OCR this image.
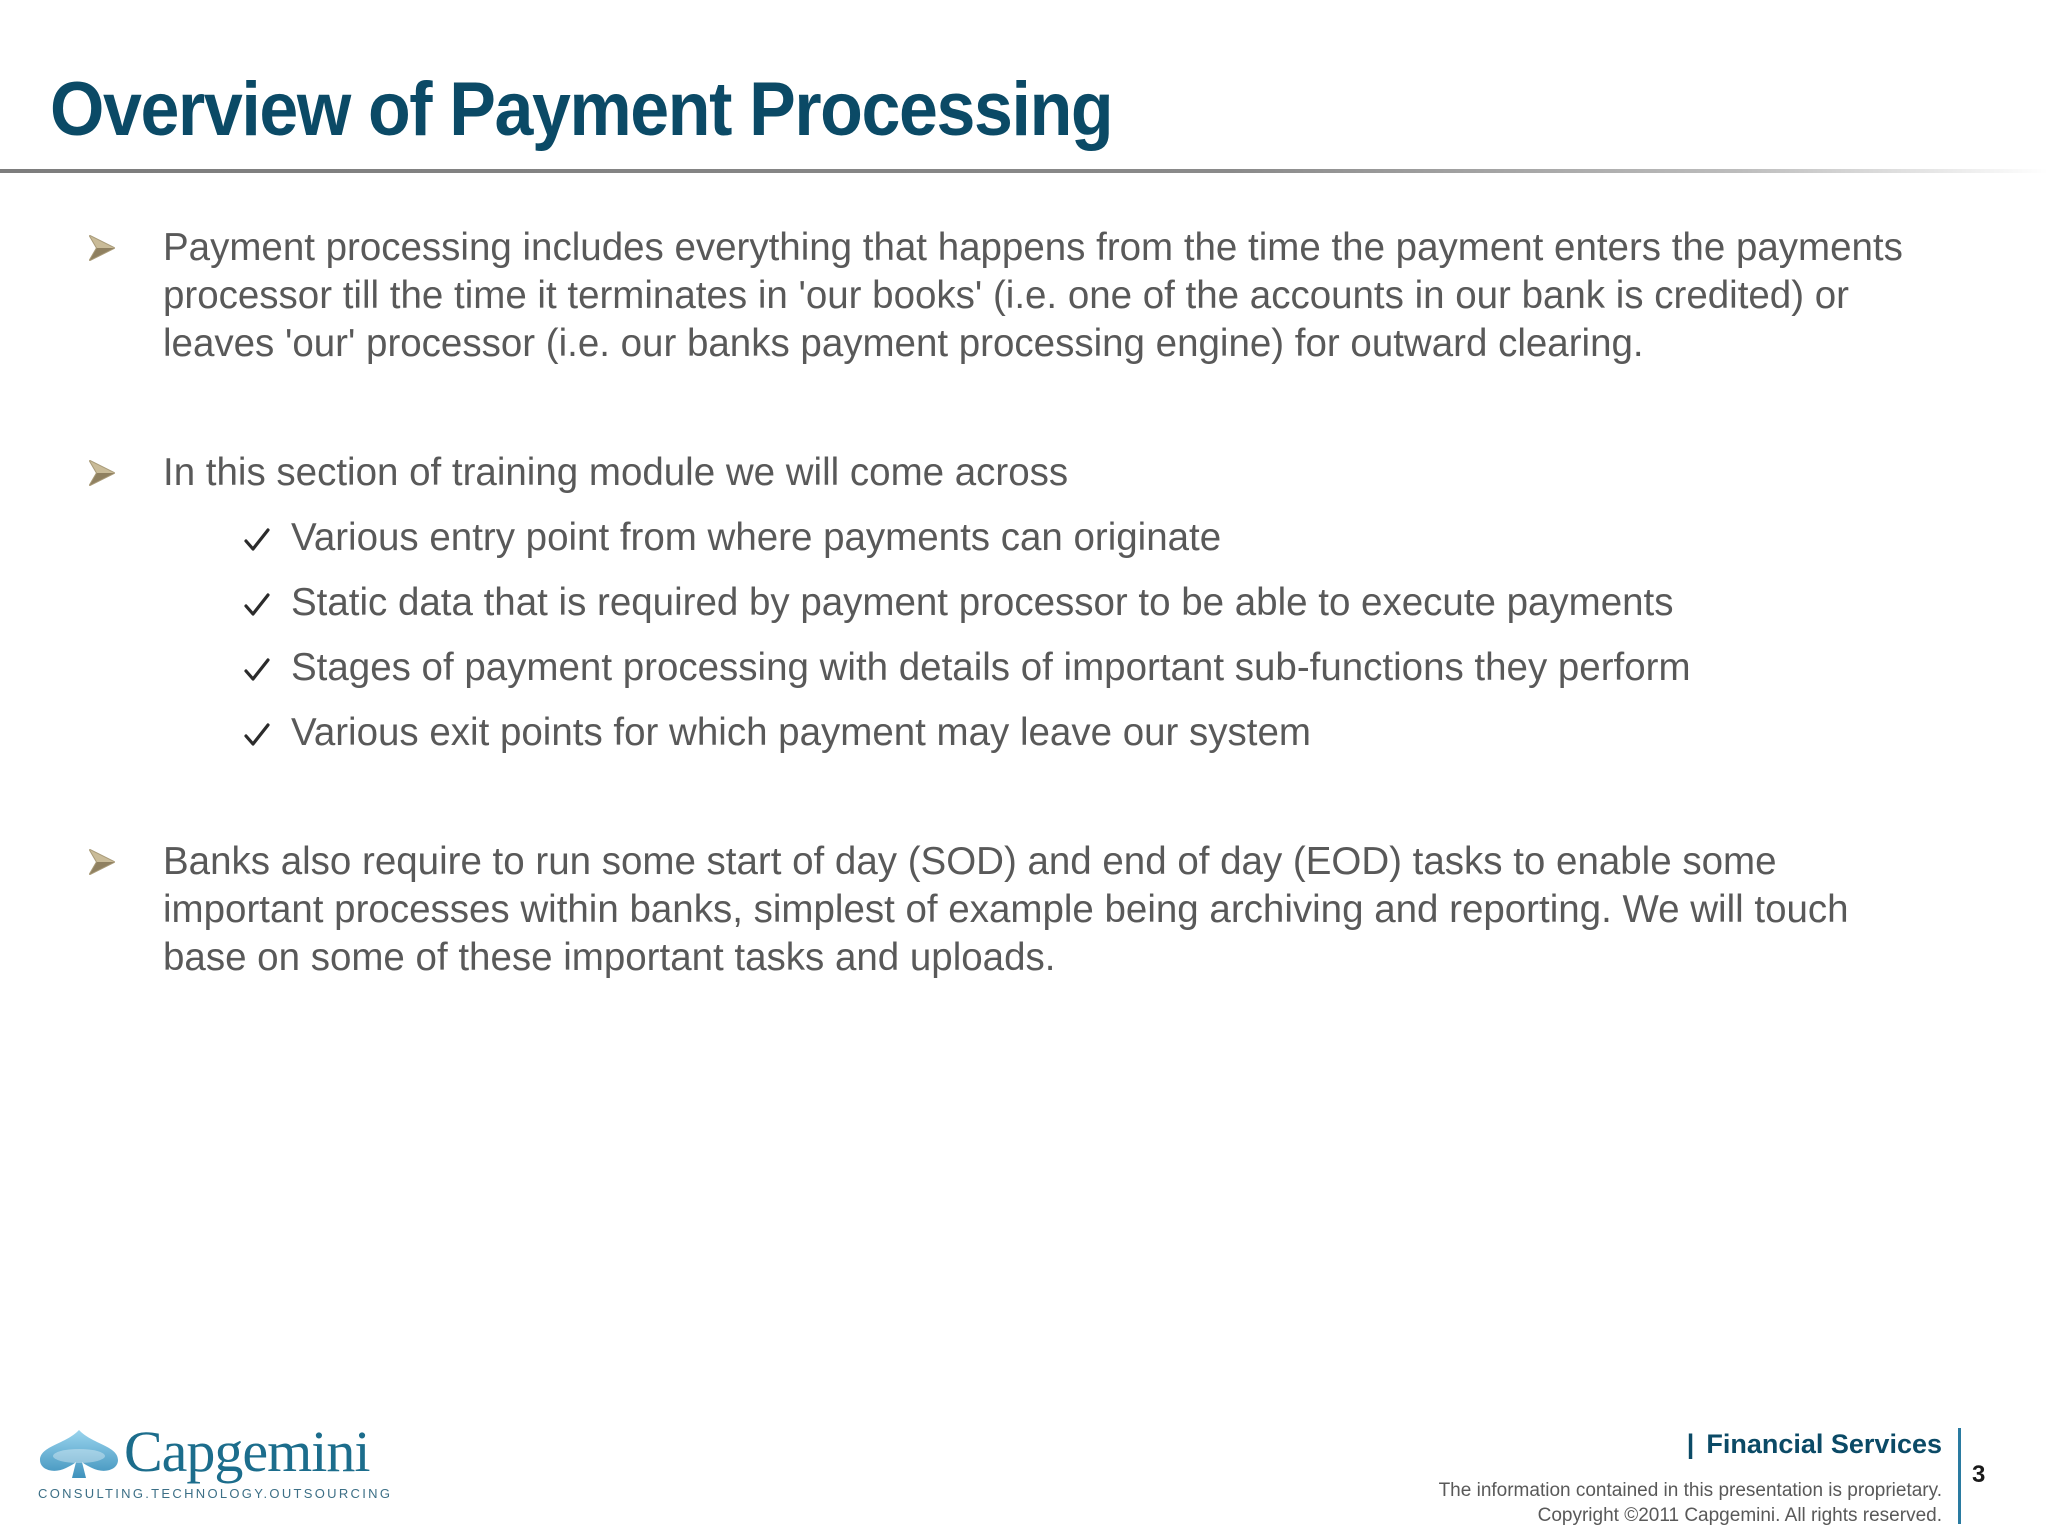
Overview of Payment Processing

Payment processing includes everything that happens from the time the payment enters the payments processor till the time it terminates in 'our books' (i.e. one of the accounts in our bank is credited) or leaves 'our' processor (i.e. our banks payment processing engine) for outward clearing.

In this section of training module we will come across

Various entry point from where payments can originate

Static data that is required by payment processor to be able to execute payments

Stages of payment processing with details of important sub-functions they perform

Various exit points for which payment may leave our system

Banks also require to run some start of day (SOD) and end of day (EOD) tasks to enable some important processes within banks, simplest of example being archiving and reporting. We will touch base on some of these important tasks and uploads.

Capgemini
CONSULTING.TECHNOLOGY.OUTSOURCING
| Financial Services
The information contained in this presentation is proprietary.
Copyright ©2011 Capgemini. All rights reserved.
3
